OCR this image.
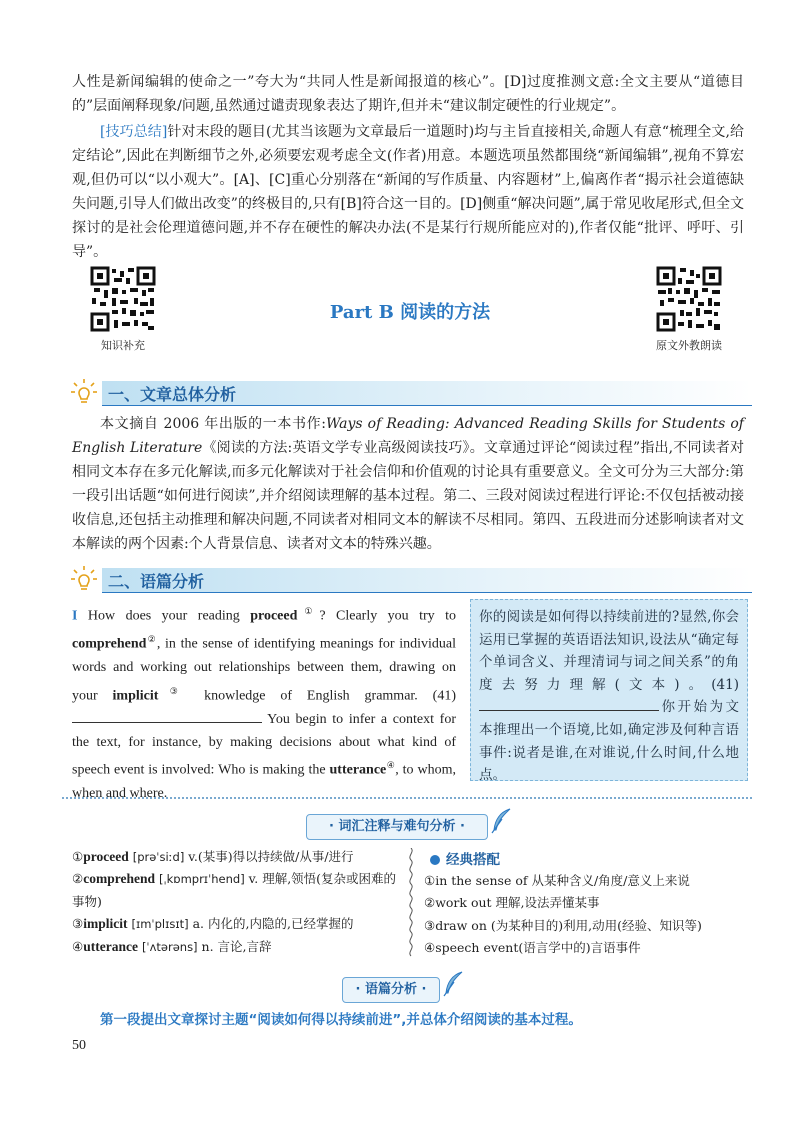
人性是新闻编辑的使命之一”夸大为“共同人性是新闻报道的核心”。[D]过度推测文意:全文主要从“道德目的”层面阐释现象/问题,虽然通过谴责现象表达了期许,但并未“建议制定硬性的行业规定”。

[技巧总结]针对末段的题目(尤其当该题为文章最后一道题时)均与主旨直接相关,命题人有意“梳理全文,给定结论”,因此在判断细节之外,必须要宏观考虑全文(作者)用意。本题选项虽然都围绕“新闻编辑”,视角不算宏观,但仍可以“以小观大”。[A]、[C]重心分别落在“新闻的写作质量、内容题材”上,偏离作者“揭示社会道德缺失问题,引导人们做出改变”的终极目的,只有[B]符合这一目的。[D]侧重“解决问题”,属于常见收尾形式,但全文探讨的是社会伦理道德问题,并不存在硬性的解决办法(不是某行行规所能应对的),作者仅能“批评、呼吁、引导”。

知识补充	原文外教朗读
Part B 阅读的方法
一、文章总体分析

本文摘自 2006 年出版的一本书作:Ways of Reading: Advanced Reading Skills for Students of English Literature《阅读的方法:英语文学专业高级阅读技巧》。文章通过评论“阅读过程”指出,不同读者对相同文本存在多元化解读,而多元化解读对于社会信仰和价值观的讨论具有重要意义。全文可分为三大部分:第一段引出话题“如何进行阅读”,并介绍阅读理解的基本过程。第二、三段对阅读过程进行评论:不仅包括被动接收信息,还包括主动推理和解决问题,不同读者对相同文本的解读不尽相同。第四、五段进而分述影响读者对文本解读的两个因素:个人背景信息、读者对文本的特殊兴趣。

二、语篇分析

I How does your reading proceed①? Clearly you try to comprehend②, in the sense of identifying meanings for individual words and working out relationships between them, drawing on your implicit③ knowledge of English grammar. (41)  You begin to infer a context for the text, for instance, by making decisions about what kind of speech event is involved: Who is making the utterance④, to whom, when and where.

你的阅读是如何得以持续前进的?显然,你会运用已掌握的英语语法知识,设法从“确定每个单词含义、并理清词与词之间关系”的角度去努力理解(文本)。(41)你开始为文本推理出一个语境,比如,确定涉及何种言语事件:说者是谁,在对谁说,什么时间,什么地点。
· 词汇注释与难句分析 ·
①proceed [prəˈsiːd] v.(某事)得以持续做/从事/进行
②comprehend [ˌkɒmprɪˈhend] v. 理解,领悟(复杂或困难的事物)
③implicit [ɪmˈplɪsɪt] a. 内化的,内隐的,已经掌握的
④utterance [ˈʌtərəns] n. 言论,言辞
经典搭配
①in the sense of 从某种含义/角度/意义上来说
②work out 理解,设法弄懂某事
③draw on (为某种目的)利用,动用(经验、知识等)
④speech event(语言学中的)言语事件
· 语篇分析 ·
第一段提出文章探讨主题“阅读如何得以持续前进”,并总体介绍阅读的基本过程。
50
